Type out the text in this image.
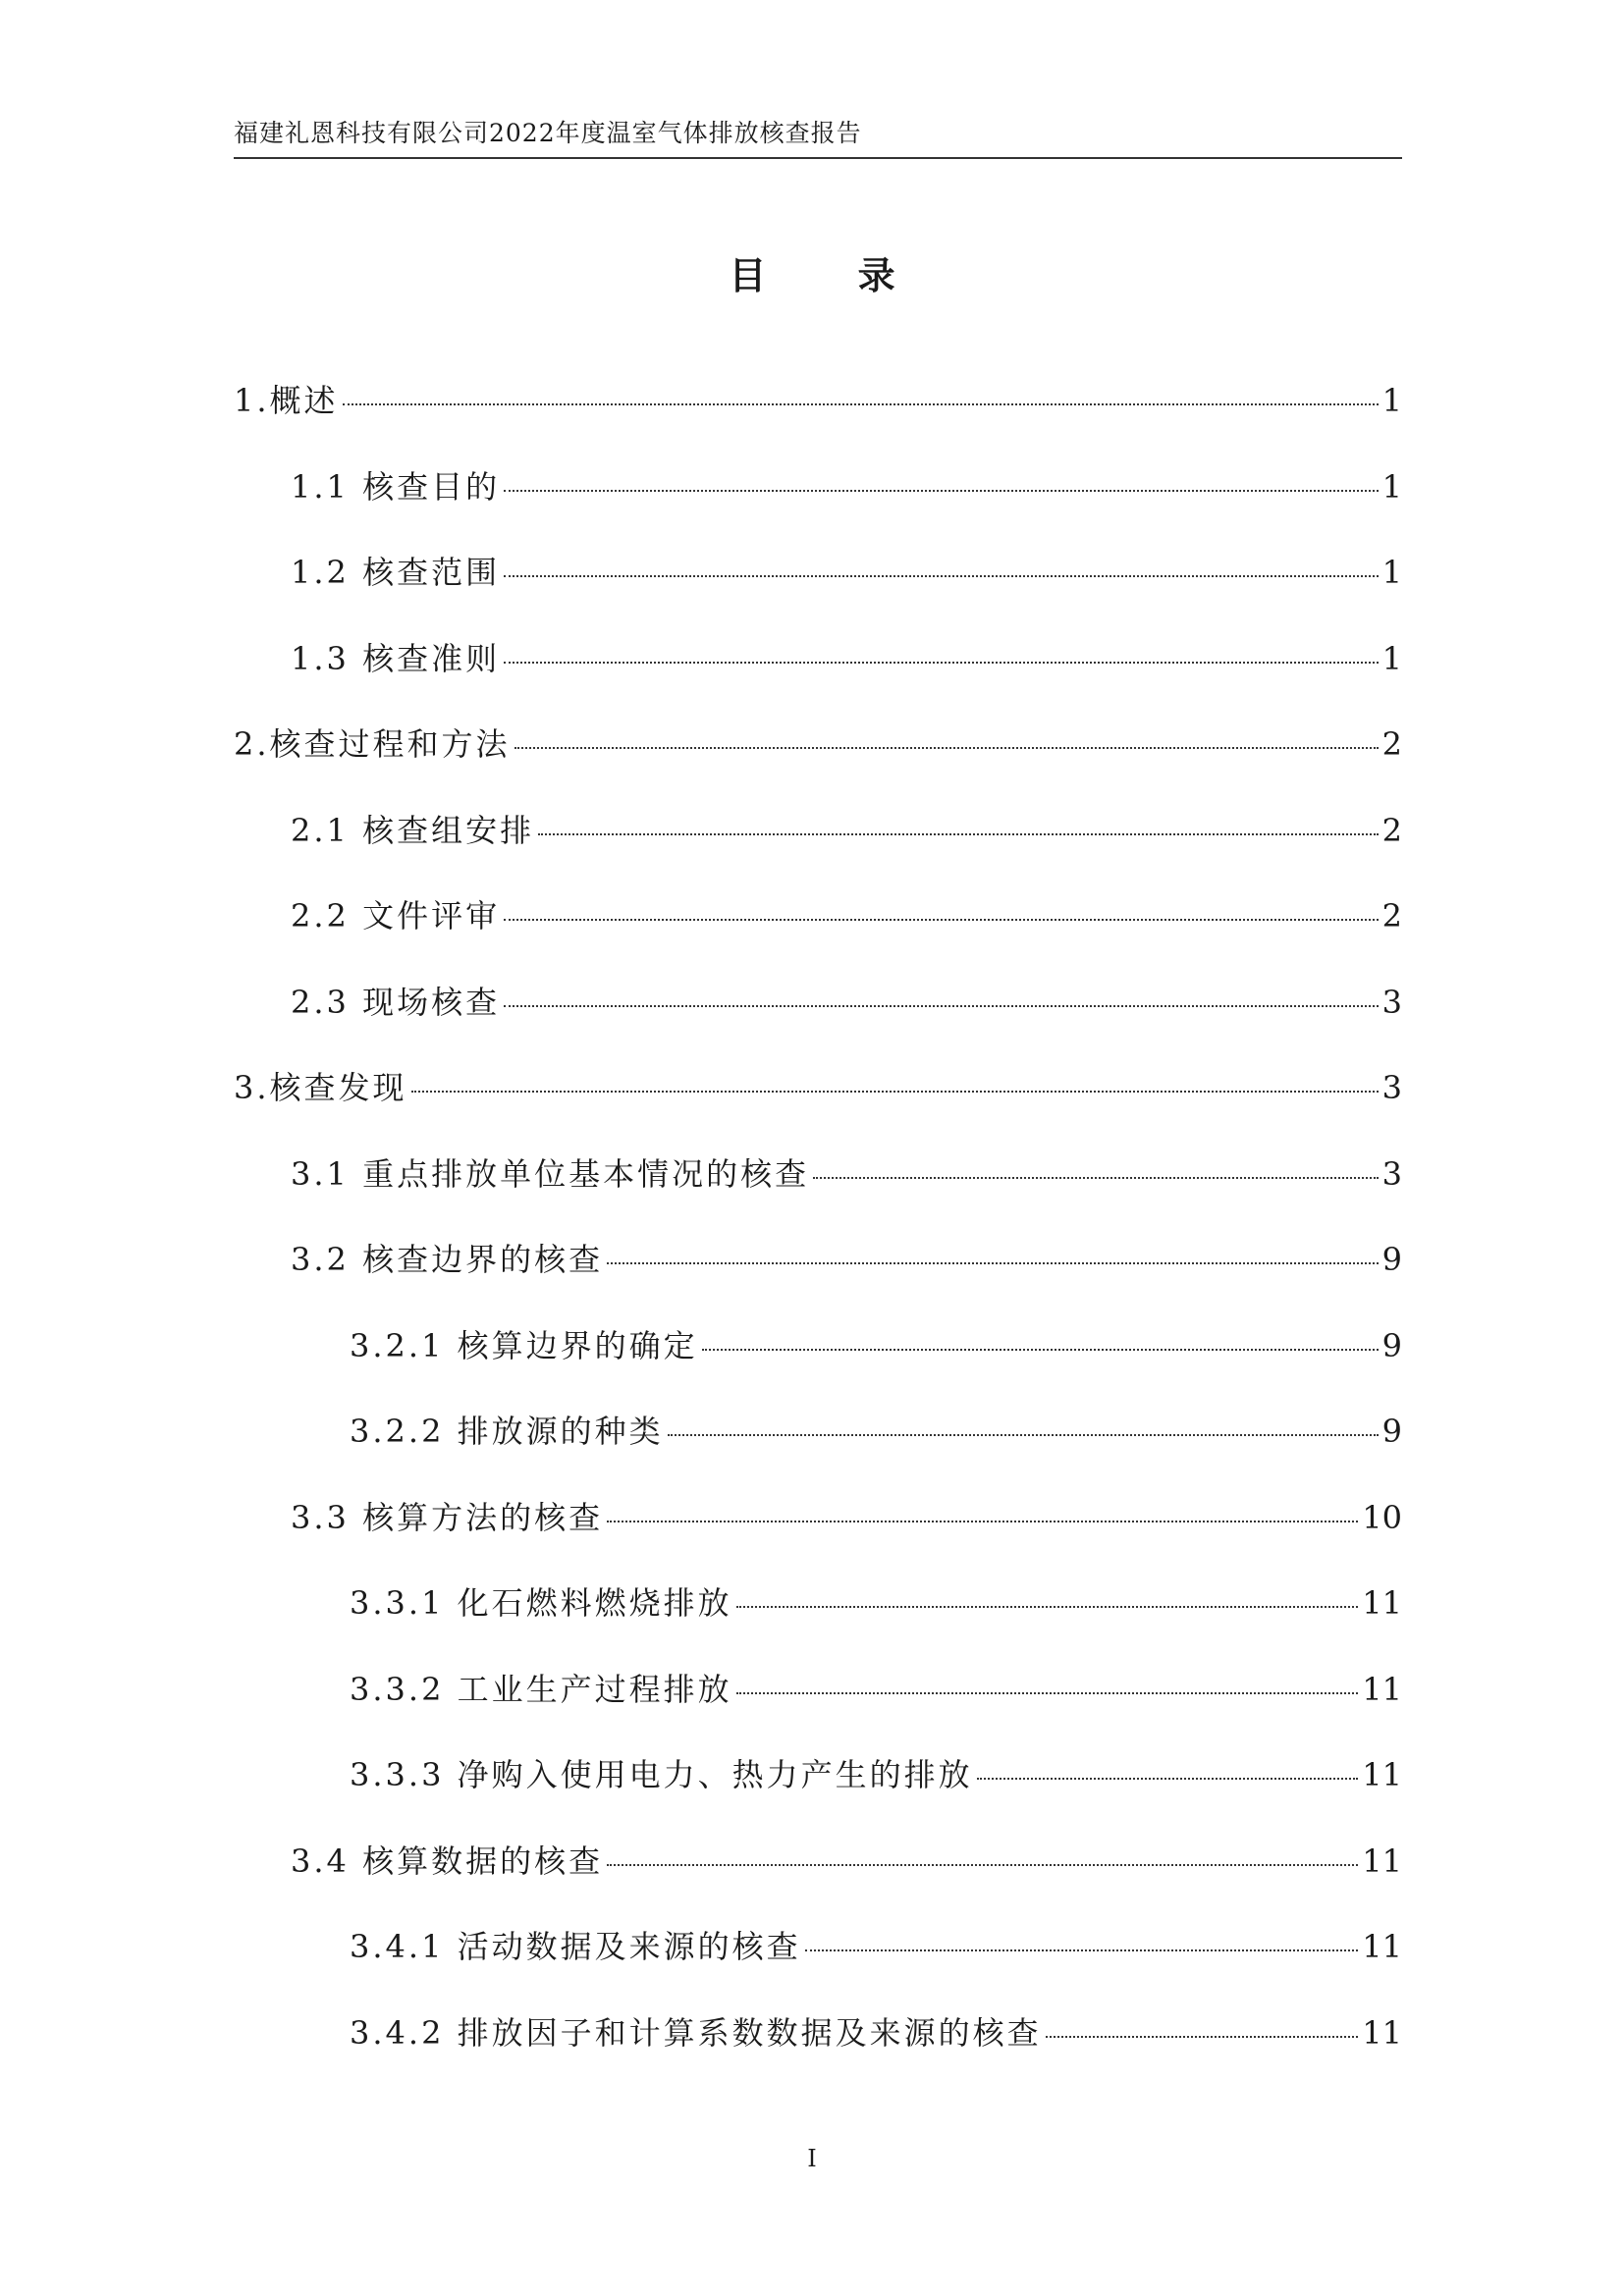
福建礼恩科技有限公司2022年度温室气体排放核查报告
目 录
1.概述	1
1.1 核查目的	1
1.2 核查范围	1
1.3 核查准则	1
2.核查过程和方法	2
2.1 核查组安排	2
2.2 文件评审	2
2.3 现场核查	3
3.核查发现	3
3.1 重点排放单位基本情况的核查	3
3.2 核查边界的核查	9
3.2.1 核算边界的确定	9
3.2.2 排放源的种类	9
3.3 核算方法的核查	10
3.3.1 化石燃料燃烧排放	11
3.3.2 工业生产过程排放	11
3.3.3 净购入使用电力、热力产生的排放	11
3.4 核算数据的核查	11
3.4.1 活动数据及来源的核查	11
3.4.2 排放因子和计算系数数据及来源的核查	11
I
